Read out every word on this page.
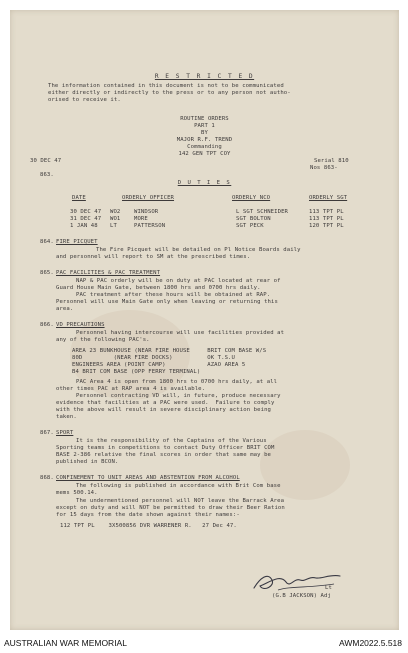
R E S T R I C T E D
The information contained in this document is not to be communicated
either directly or indirectly to the press or to any person not autho-
orised to receive it.
ROUTINE ORDERS
PART 1
BY
MAJOR R.F. TREND
Commanding
142 GEN TPT COY
30 DEC 47	Serial 810
Nos 863-
863.
D U T I E S
DATE	ORDERLY OFFICER	ORDERLY NCO	ORDERLY SGT
30 DEC 47 WO2 WINDSOR	L SGT SCHNEIDER	113 TPT PL
31 DEC 47 WO1 MORE	SGT BOLTON	113 TPT PL
1 JAN 48 LT	PATTERSON	SGT PECK	120 TPT PL
864. FIRE PICQUET
The Fire Picquet will be detailed on Pl Notice Boards daily
and personnel will report to SM at the prescribed times.
865. PAC FACILITIES & PAC TREATMENT
NAP & PAC orderly will be on duty at PAC located at rear of
Guard House Main Gate, between 1800 hrs and 0700 hrs daily.
PAC treatment after these hours will be obtained at RAP.
Personnel will use Main Gate only when leaving or returning this
area.
866. VD PRECAUTIONS
Personnel having intercourse will use facilities provided at
any of the following PAC's.
AREA 23 BUNKHOUSE (NEAR FIRE HOUSE     BRIT COM BASE W/S
80D         (NEAR FIRE DOCKS)          OK T.S.U
ENGINEERS AREA (POINT CAMP)            AZAO AREA 5
B4 BRIT COM BASE (OPP FERRY TERMINAL)
PAC Area 4 is open from 1800 hrs to 0700 hrs daily, at all
other times PAC at RAP area 4 is available.
Personnel contracting VD will, in future, produce necessary
evidence that facilities at a PAC were used.  Failure to comply
with the above will result in severe disciplinary action being
taken.
867. SPORT
It is the responsibility of the Captains of the Various
Sporting teams in competitions to contact Duty Officer BRIT COM
BASE 2-386 relative the final scores in order that same may be
published in BCON.
868. CONFINEMENT TO UNIT AREAS AND ABSTENTION FROM ALCOHOL
The following is published in accordance with Brit Com base
mems 500.14.
The undermentioned personnel will NOT leave the Barrack Area
except on duty and will NOT be permitted to draw their Beer Ration
for 15 days from the date shown against their names:-
112 TPT PL    3X500856 DVR WARRENER R.   27 Dec 47.
Lt
(G.B JACKSON) Adj
AUSTRALIAN WAR MEMORIAL	AWM2022.5.518
